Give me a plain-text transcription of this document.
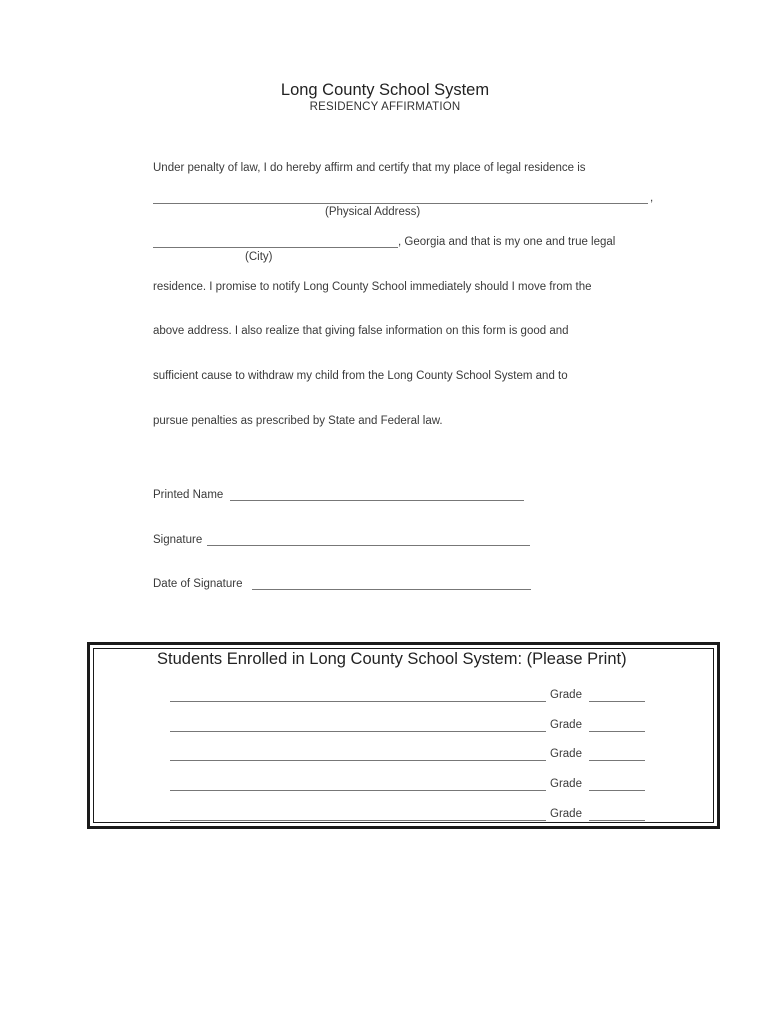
Long County School System
RESIDENCY AFFIRMATION
Under penalty of law, I do hereby affirm and certify that my place of legal residence is
,
(Physical Address)
, Georgia and that is my one and true legal
(City)
residence. I promise to notify Long County School immediately should I move from the
above address. I also realize that giving false information on this form is good and
sufficient cause to withdraw my child from the Long County School System and to
pursue penalties as prescribed by State and Federal law.
Printed Name
Signature
Date of Signature
Students Enrolled in Long County School System: (Please Print)
Grade
Grade
Grade
Grade
Grade
